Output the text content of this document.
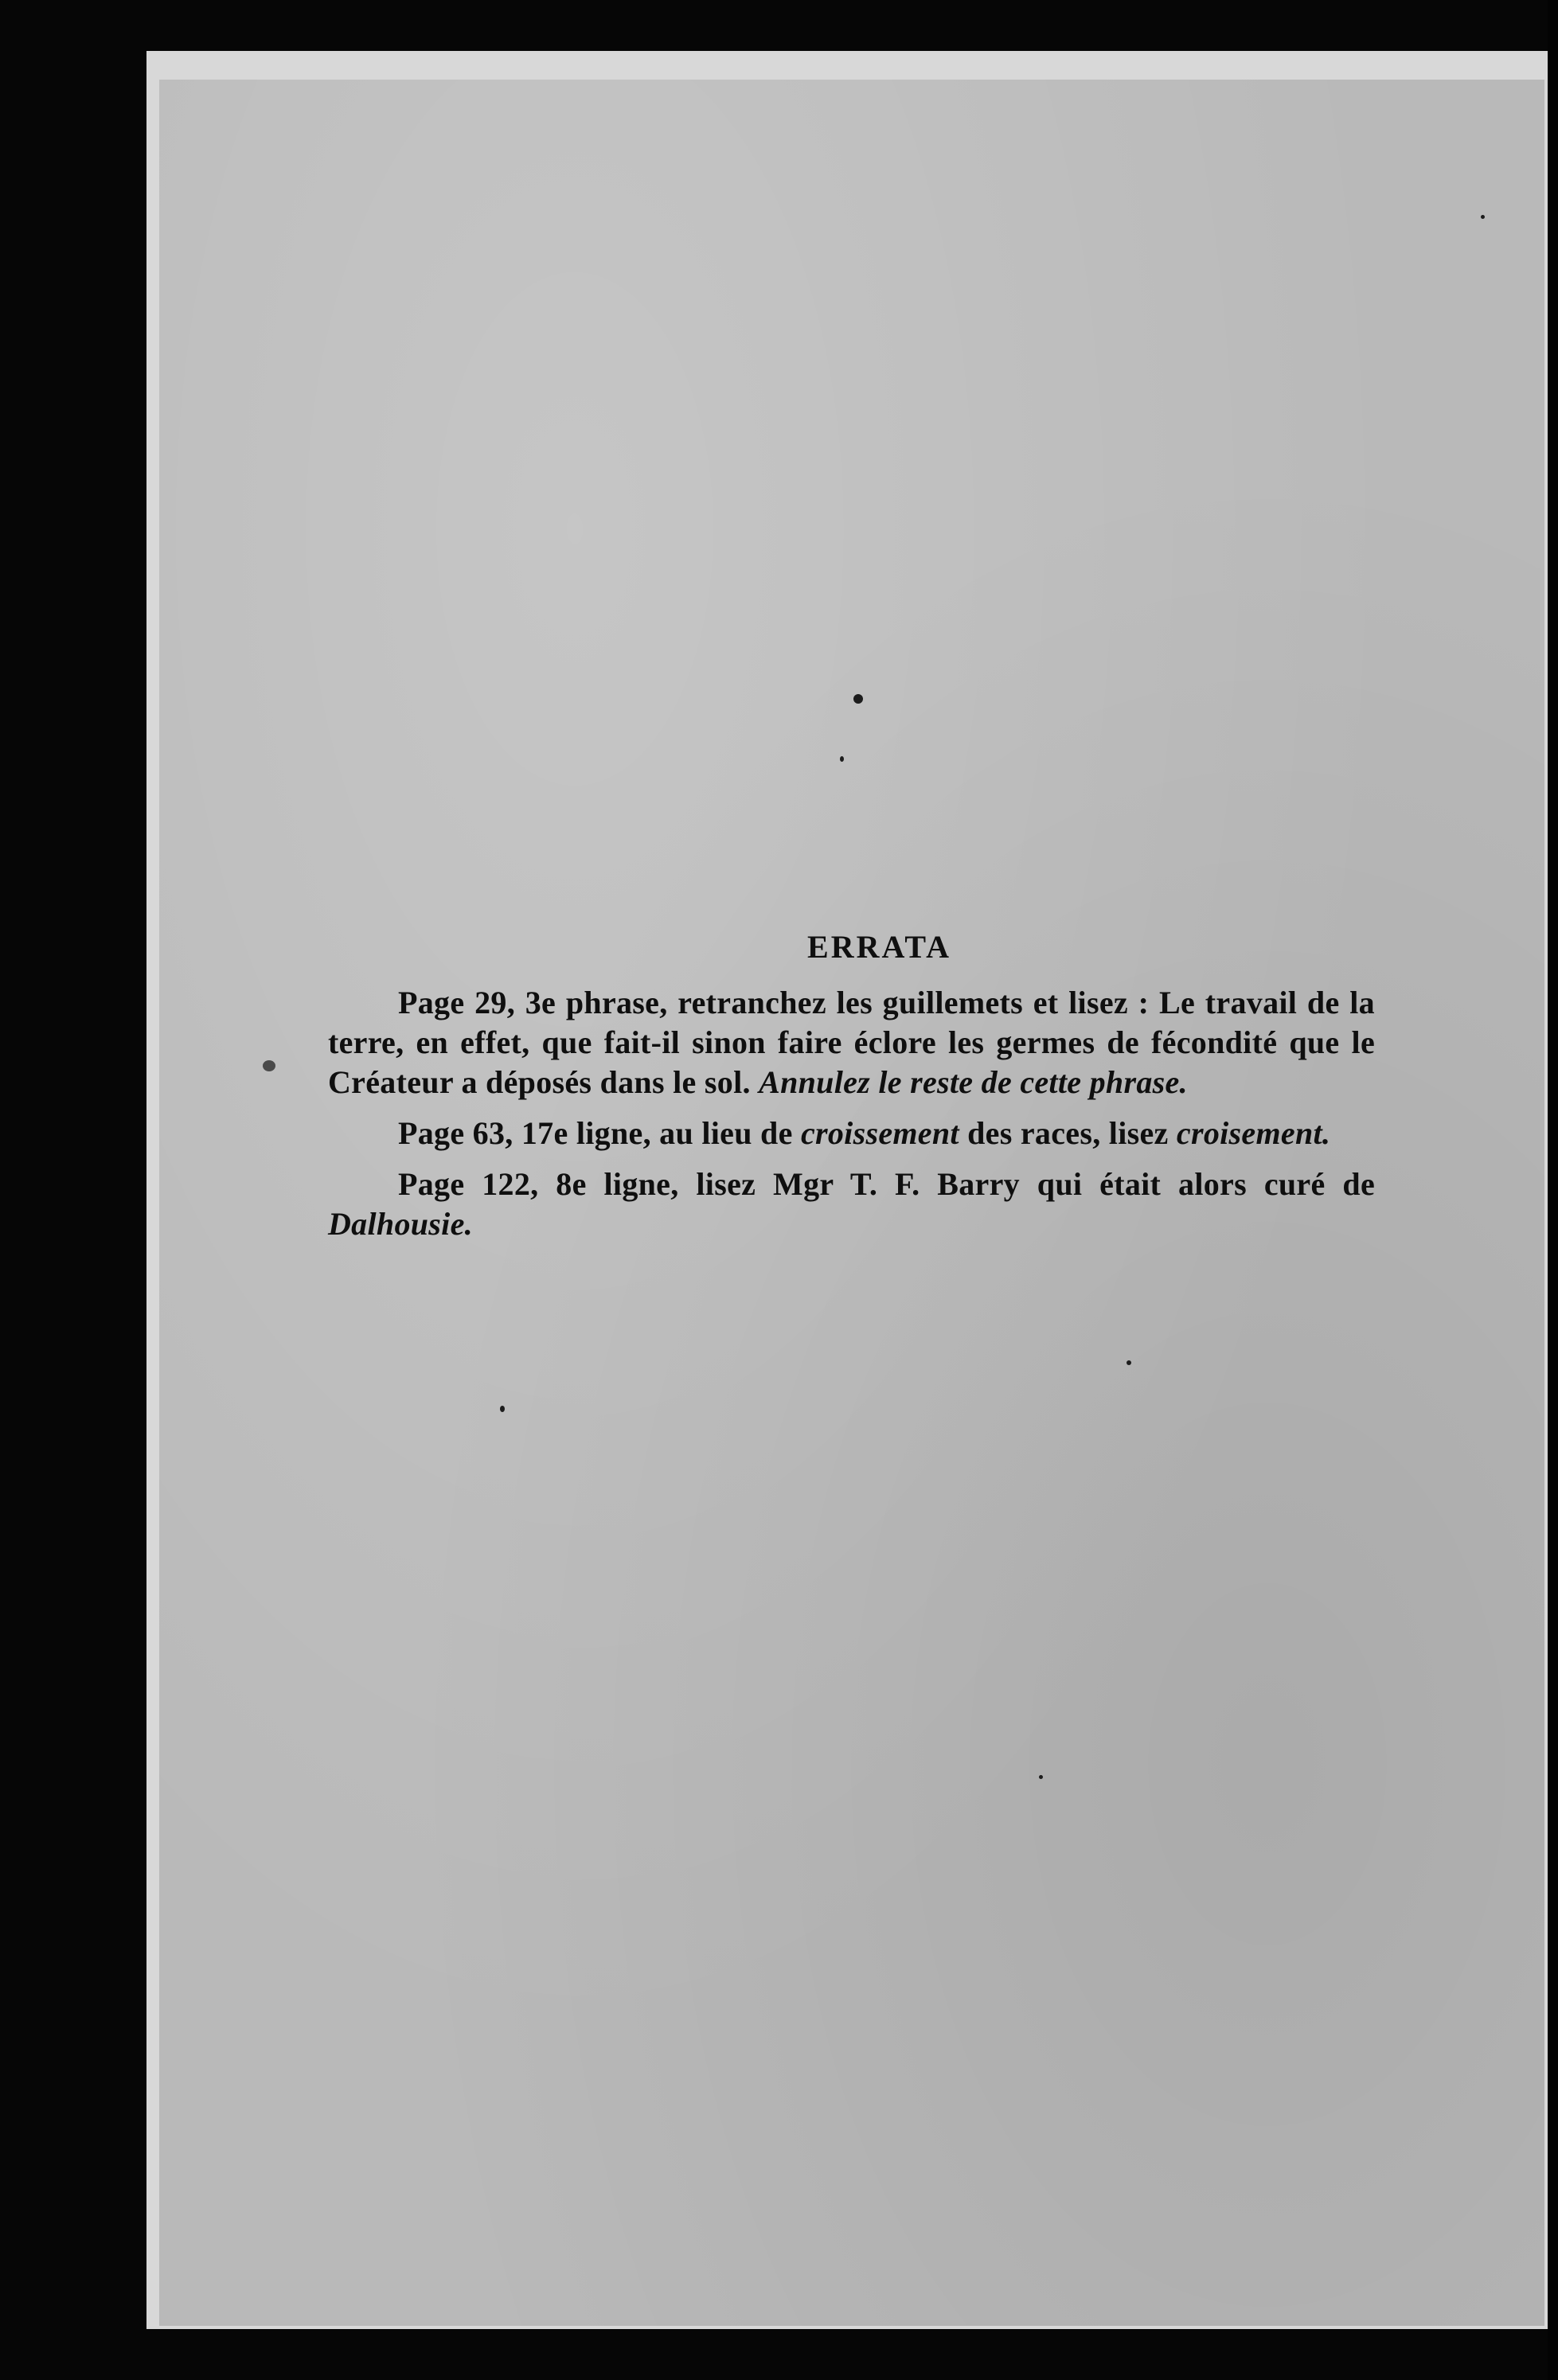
ERRATA

Page 29, 3e phrase, retranchez les guillemets et lisez : Le travail de la terre, en effet, que fait-il sinon faire éclore les germes de fécondité que le Créateur a déposés dans le sol. Annulez le reste de cette phrase.

Page 63, 17e ligne, au lieu de croissement des races, lisez croisement.

Page 122, 8e ligne, lisez Mgr T. F. Barry qui était alors curé de Dalhousie.
